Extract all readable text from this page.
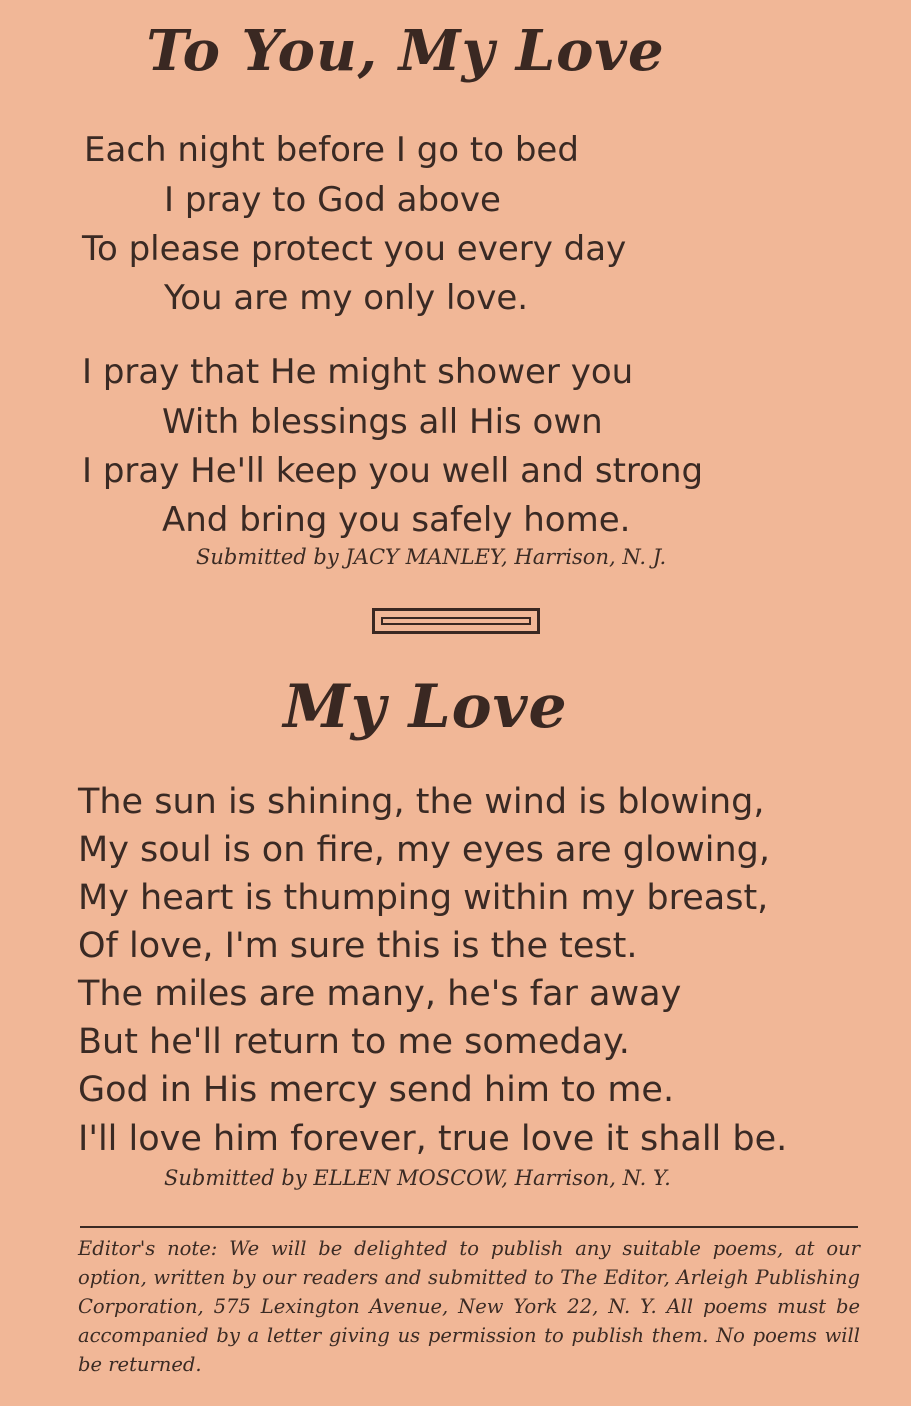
To You, My Love
Each night before I go to bed
I pray to God above
To please protect you every day
You are my only love.
I pray that He might shower you
With blessings all His own
I pray He'll keep you well and strong
And bring you safely home.
Submitted by JACY MANLEY, Harrison, N. J.
My Love
The sun is shining, the wind is blowing,
My soul is on fire, my eyes are glowing,
My heart is thumping within my breast,
Of love, I'm sure this is the test.
The miles are many, he's far away
But he'll return to me someday.
God in His mercy send him to me.
I'll love him forever, true love it shall be.
Submitted by ELLEN MOSCOW, Harrison, N. Y.

Editor's note: We will be delighted to publish any suitable poems, at our option, written by our readers and submitted to The Editor, Arleigh Publishing Corporation, 575 Lexington Avenue, New York 22, N. Y. All poems must be accompanied by a letter giving us permission to publish them. No poems will be returned.
